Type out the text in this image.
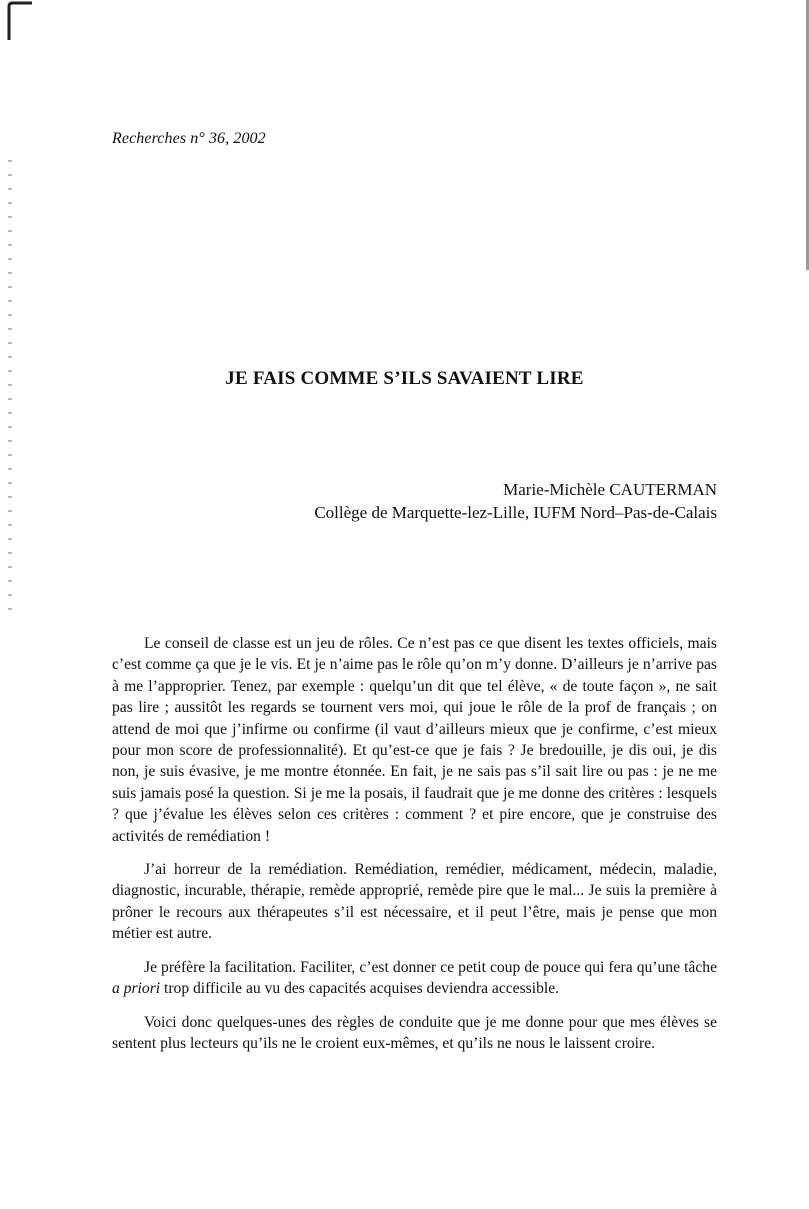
Recherches n° 36, 2002
JE FAIS COMME S’ILS SAVAIENT LIRE
Marie-Michèle CAUTERMAN
Collège de Marquette-lez-Lille, IUFM Nord–Pas-de-Calais

Le conseil de classe est un jeu de rôles. Ce n’est pas ce que disent les textes officiels, mais c’est comme ça que je le vis. Et je n’aime pas le rôle qu’on m’y donne. D’ailleurs je n’arrive pas à me l’approprier. Tenez, par exemple : quelqu’un dit que tel élève, « de toute façon », ne sait pas lire ; aussitôt les regards se tournent vers moi, qui joue le rôle de la prof de français ; on attend de moi que j’infirme ou confirme (il vaut d’ailleurs mieux que je confirme, c’est mieux pour mon score de professionnalité). Et qu’est-ce que je fais ? Je bredouille, je dis oui, je dis non, je suis évasive, je me montre étonnée. En fait, je ne sais pas s’il sait lire ou pas : je ne me suis jamais posé la question. Si je me la posais, il faudrait que je me donne des critères : lesquels ? que j’évalue les élèves selon ces critères : comment ? et pire encore, que je construise des activités de remédiation !

J’ai horreur de la remédiation. Remédiation, remédier, médicament, médecin, maladie, diagnostic, incurable, thérapie, remède approprié, remède pire que le mal... Je suis la première à prôner le recours aux thérapeutes s’il est nécessaire, et il peut l’être, mais je pense que mon métier est autre.

Je préfère la facilitation. Faciliter, c’est donner ce petit coup de pouce qui fera qu’une tâche a priori trop difficile au vu des capacités acquises deviendra accessible.

Voici donc quelques-unes des règles de conduite que je me donne pour que mes élèves se sentent plus lecteurs qu’ils ne le croient eux-mêmes, et qu’ils ne nous le laissent croire.
